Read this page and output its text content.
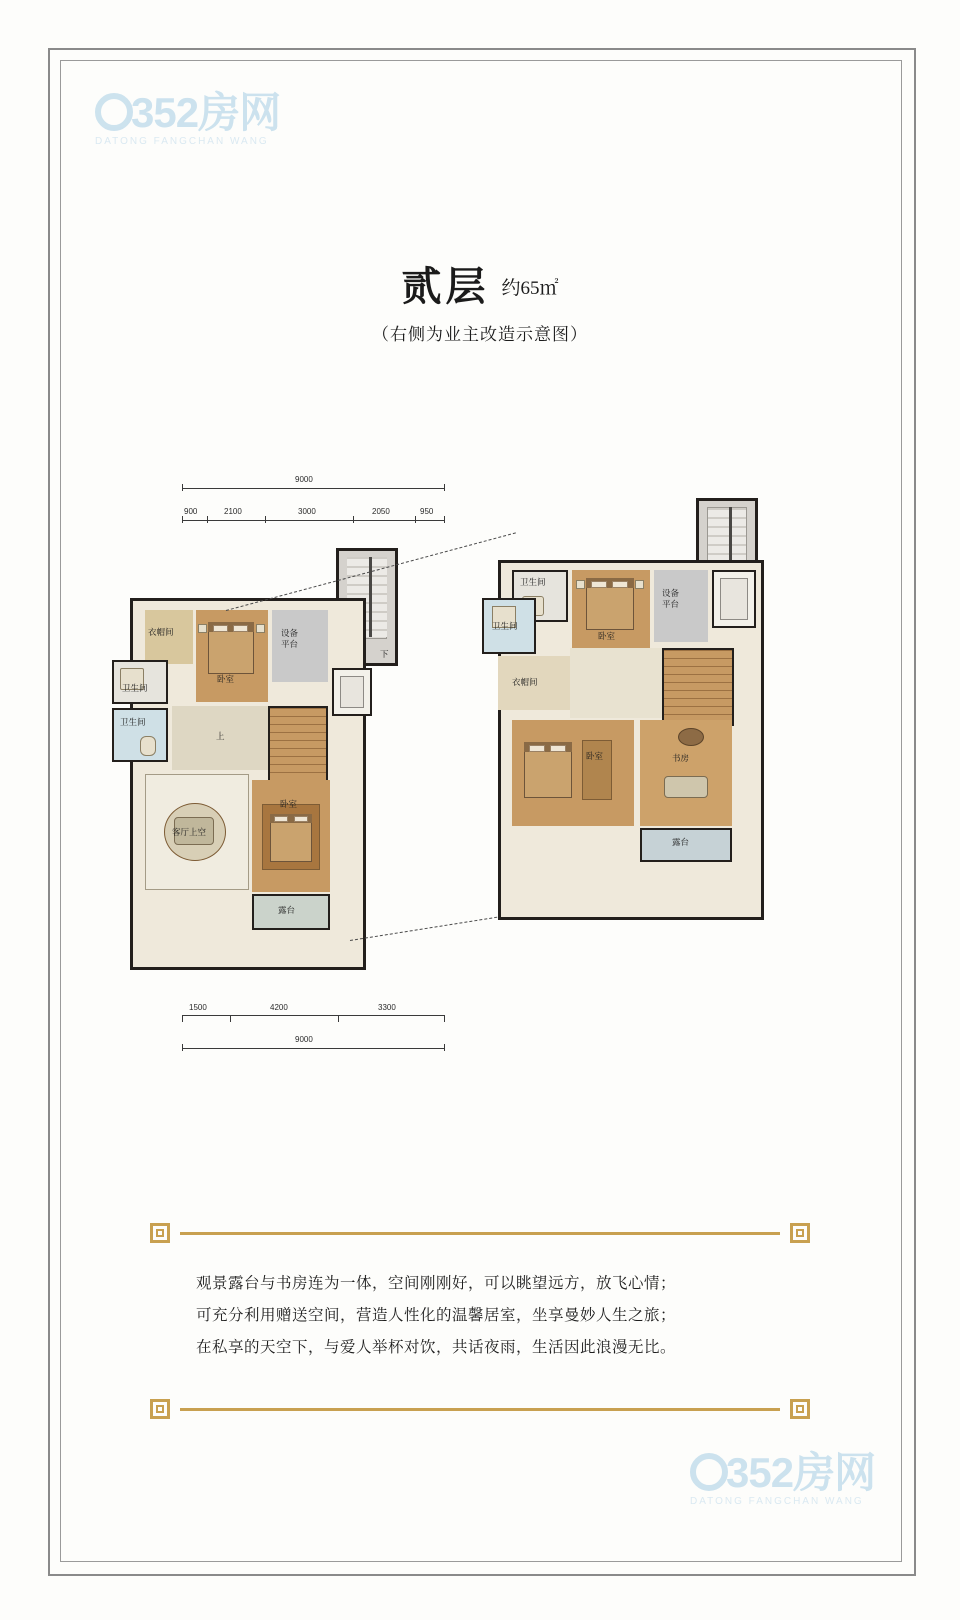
352房网
DATONG FANGCHAN WANG
352房网
DATONG FANGCHAN WANG
贰层 约65㎡
（右侧为业主改造示意图）
9000
900	2100	3000	2050	950
1500	4200	3300
9000
下
衣帽间
卧室
设备
平台
卫生间
卫生间
上
客厅上空
卧室
露台
卫生间
卧室
设备
平台
卫生间
衣帽间
卧室	书房
露台
观景露台与书房连为一体，空间刚刚好，可以眺望远方，放飞心情；
可充分利用赠送空间，营造人性化的温馨居室，坐享曼妙人生之旅；
在私享的天空下，与爱人举杯对饮，共话夜雨，生活因此浪漫无比。
